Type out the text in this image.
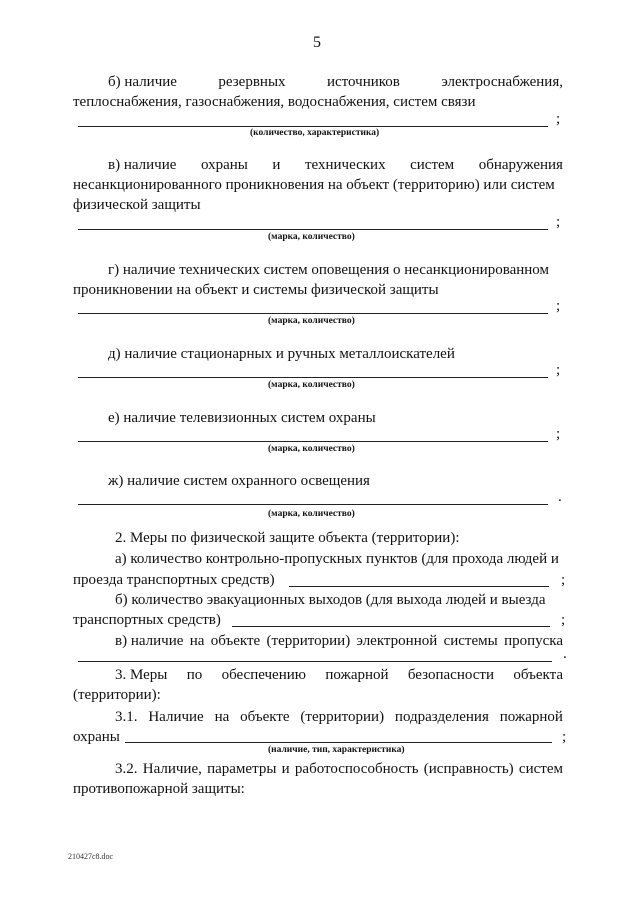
5
б) наличие	резервных	источников	электроснабжения,
теплоснабжения, газоснабжения, водоснабжения, систем связи
;
(количество, характеристика)
в) наличие охраны и технических систем обнаружения
несанкционированного проникновения на объект (территорию) или систем
физической защиты
;
(марка, количество)
г) наличие технических систем оповещения о несанкционированном
проникновении на объект и системы физической защиты
;
(марка, количество)
д) наличие стационарных и ручных металлоискателей
;
(марка, количество)
е) наличие телевизионных систем охраны
;
(марка, количество)
ж) наличие систем охранного освещения
.
(марка, количество)
2. Меры по физической защите объекта (территории):
а) количество контрольно-пропускных пунктов (для прохода людей и
проезда транспортных средств)	;
б) количество эвакуационных выходов (для выхода людей и выезда
транспортных средств)	;
в) наличие на объекте (территории) электронной системы пропуска
.
3. Меры по обеспечению пожарной безопасности объекта
(территории):
3.1. Наличие на объекте (территории) подразделения пожарной
охраны	;
(наличие, тип, характеристика)
3.2. Наличие, параметры и работоспособность (исправность) систем
противопожарной защиты:
210427c8.doc
